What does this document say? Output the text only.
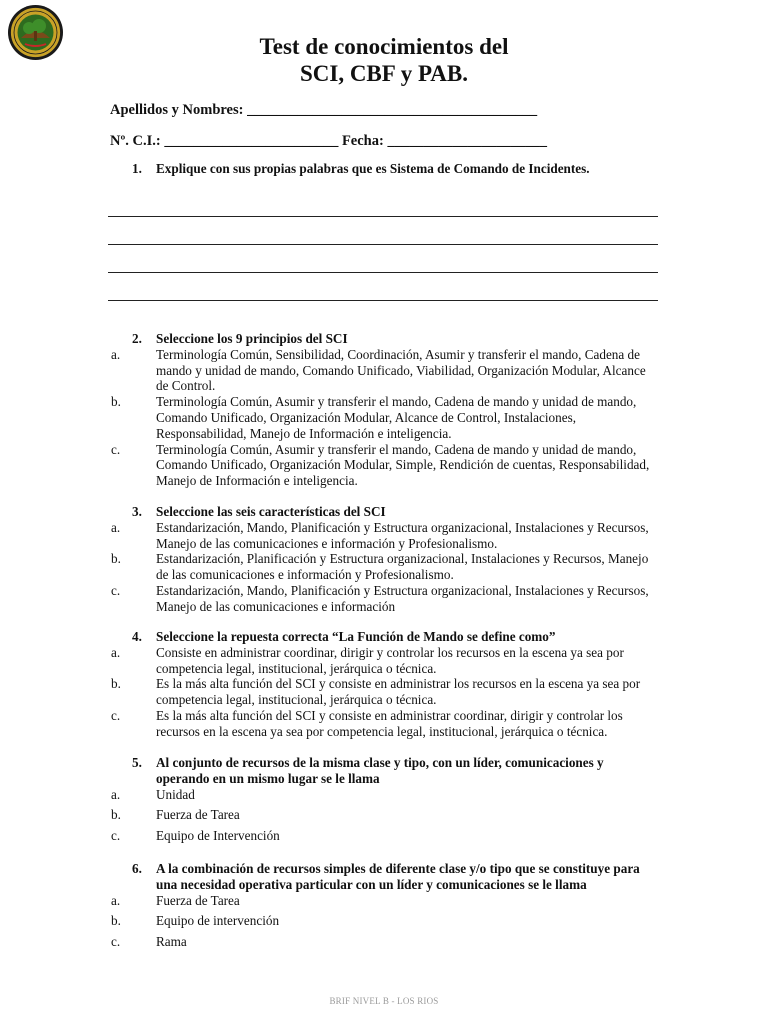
Test de conocimientos del
SCI, CBF y PAB.
Apellidos y Nombres: ________________________________________
Nº. C.I.: ________________________ Fecha: ______________________
1.	Explique con sus propias palabras que es Sistema de Comando de Incidentes.
2.	Seleccione los 9 principios del SCI
a.	Terminología Común, Sensibilidad, Coordinación, Asumir y transferir el mando, Cadena de mando y unidad de mando, Comando Unificado, Viabilidad, Organización Modular, Alcance de Control.
b.	Terminología Común, Asumir y transferir el mando, Cadena de mando y unidad de mando, Comando Unificado, Organización Modular, Alcance de Control, Instalaciones, Responsabilidad, Manejo de Información e inteligencia.
c.	Terminología Común, Asumir y transferir el mando, Cadena de mando y unidad de mando, Comando Unificado, Organización Modular, Simple, Rendición de cuentas, Responsabilidad, Manejo de Información e inteligencia.
3.	Seleccione las seis características del SCI
a.	Estandarización, Mando, Planificación y Estructura organizacional, Instalaciones y Recursos, Manejo de las comunicaciones e información y Profesionalismo.
b.	Estandarización, Planificación y Estructura organizacional, Instalaciones y Recursos, Manejo de las comunicaciones e información y Profesionalismo.
c.	Estandarización, Mando, Planificación y Estructura organizacional, Instalaciones y Recursos, Manejo de las comunicaciones e información
4.	Seleccione la repuesta correcta “La Función de Mando se define como”
a.	Consiste en administrar coordinar, dirigir y controlar los recursos en la escena ya sea por competencia legal, institucional, jerárquica o técnica.
b.	Es la más alta función del SCI y consiste en administrar los recursos en la escena ya sea por competencia legal, institucional, jerárquica o técnica.
c.	Es la más alta función del SCI y consiste en administrar coordinar, dirigir y controlar los recursos en la escena ya sea por competencia legal, institucional, jerárquica o técnica.
5.	Al conjunto de recursos de la misma clase y tipo, con un líder, comunicaciones y operando en un mismo lugar se le llama
a.	Unidad
b.	Fuerza de Tarea
c.	Equipo de Intervención
6.	A la combinación de recursos simples de diferente clase y/o tipo que se constituye para una necesidad operativa particular con un líder y comunicaciones se le llama
a.	Fuerza de Tarea
b.	Equipo de intervención
c.	Rama
BRIF NIVEL B - LOS RIOS
